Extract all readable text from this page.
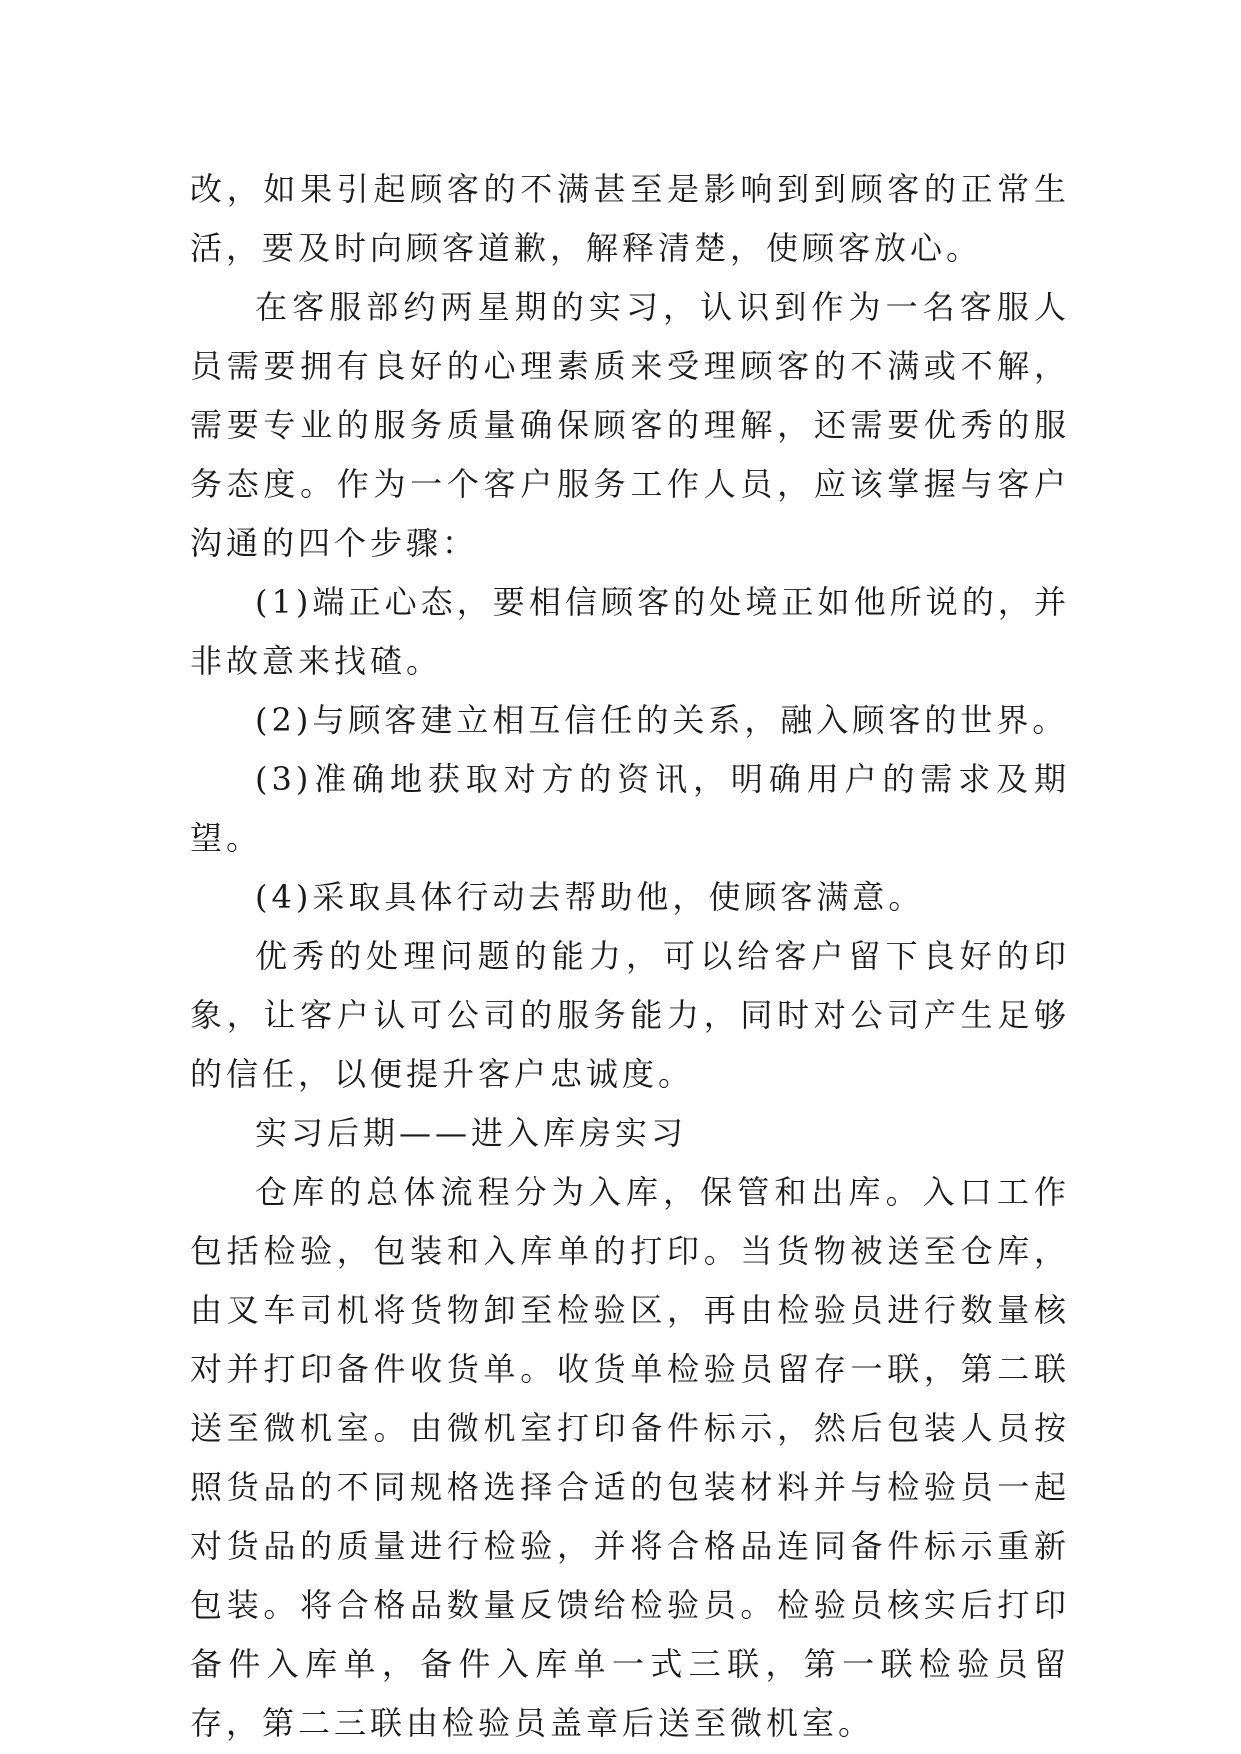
改，如果引起顾客的不满甚至是影响到到顾客的正常生活，要及时向顾客道歉，解释清楚，使顾客放心。

在客服部约两星期的实习，认识到作为一名客服人员需要拥有良好的心理素质来受理顾客的不满或不解，需要专业的服务质量确保顾客的理解，还需要优秀的服务态度。作为一个客户服务工作人员，应该掌握与客户沟通的四个步骤：

(1)端正心态，要相信顾客的处境正如他所说的，并非故意来找碴。

(2)与顾客建立相互信任的关系，融入顾客的世界。

(3)准确地获取对方的资讯，明确用户的需求及期望。

(4)采取具体行动去帮助他，使顾客满意。

优秀的处理问题的能力，可以给客户留下良好的印象，让客户认可公司的服务能力，同时对公司产生足够的信任，以便提升客户忠诚度。

实习后期——进入库房实习

仓库的总体流程分为入库，保管和出库。入口工作包括检验，包装和入库单的打印。当货物被送至仓库，由叉车司机将货物卸至检验区，再由检验员进行数量核对并打印备件收货单。收货单检验员留存一联，第二联送至微机室。由微机室打印备件标示，然后包装人员按照货品的不同规格选择合适的包装材料并与检验员一起对货品的质量进行检验，并将合格品连同备件标示重新包装。将合格品数量反馈给检验员。检验员核实后打印备件入库单，备件入库单一式三联，第一联检验员留存，第二三联由检验员盖章后送至微机室。
